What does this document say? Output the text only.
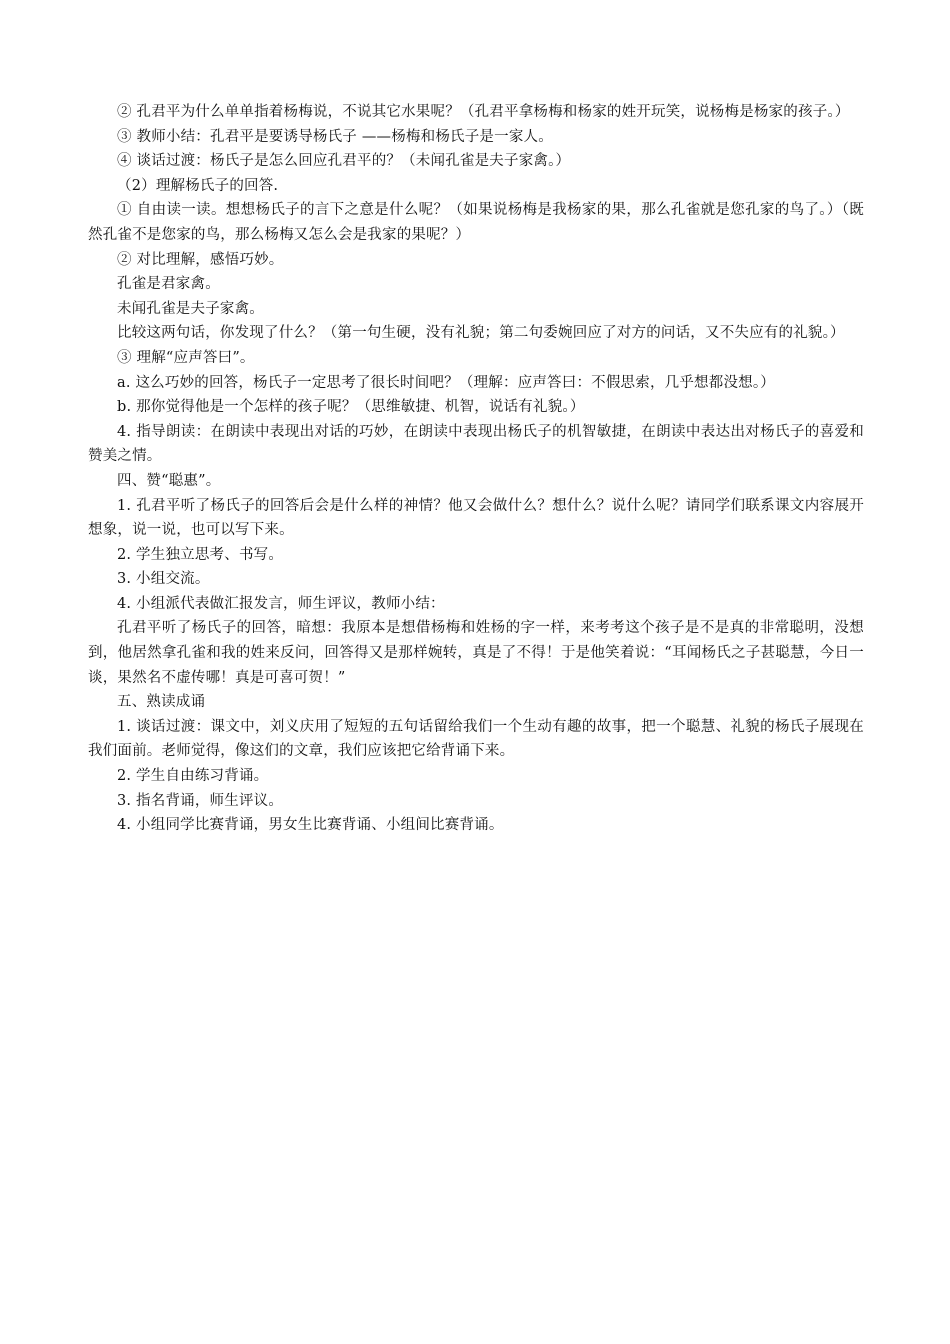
② 孔君平为什么单单指着杨梅说，不说其它水果呢？（孔君平拿杨梅和杨家的姓开玩笑，说杨梅是杨家的孩子。）

③ 教师小结：孔君平是要诱导杨氏子 ——杨梅和杨氏子是一家人。

④ 谈话过渡：杨氏子是怎么回应孔君平的？（未闻孔雀是夫子家禽。）

（2）理解杨氏子的回答.

① 自由读一读。想想杨氏子的言下之意是什么呢？（如果说杨梅是我杨家的果，那么孔雀就是您孔家的鸟了。）（既然孔雀不是您家的鸟，那么杨梅又怎么会是我家的果呢？）

② 对比理解，感悟巧妙。

孔雀是君家禽。

未闻孔雀是夫子家禽。

比较这两句话，你发现了什么？（第一句生硬，没有礼貌；第二句委婉回应了对方的问话，又不失应有的礼貌。）

③ 理解“应声答曰”。

a. 这么巧妙的回答，杨氏子一定思考了很长时间吧？（理解：应声答曰：不假思索，几乎想都没想。）

b. 那你觉得他是一个怎样的孩子呢？（思维敏捷、机智，说话有礼貌。）

4. 指导朗读：在朗读中表现出对话的巧妙，在朗读中表现出杨氏子的机智敏捷，在朗读中表达出对杨氏子的喜爱和赞美之情。

四、赞“聪惠”。

1. 孔君平听了杨氏子的回答后会是什么样的神情？他又会做什么？想什么？说什么呢？请同学们联系课文内容展开想象，说一说，也可以写下来。

2. 学生独立思考、书写。

3. 小组交流。

4. 小组派代表做汇报发言，师生评议，教师小结：

孔君平听了杨氏子的回答，暗想：我原本是想借杨梅和姓杨的字一样，来考考这个孩子是不是真的非常聪明，没想到，他居然拿孔雀和我的姓来反问，回答得又是那样婉转，真是了不得！于是他笑着说：“耳闻杨氏之子甚聪慧，今日一谈，果然名不虚传哪！真是可喜可贺！”

五、熟读成诵

1. 谈话过渡：课文中，刘义庆用了短短的五句话留给我们一个生动有趣的故事，把一个聪慧、礼貌的杨氏子展现在我们面前。老师觉得，像这们的文章，我们应该把它给背诵下来。

2. 学生自由练习背诵。

3. 指名背诵，师生评议。

4. 小组同学比赛背诵，男女生比赛背诵、小组间比赛背诵。
